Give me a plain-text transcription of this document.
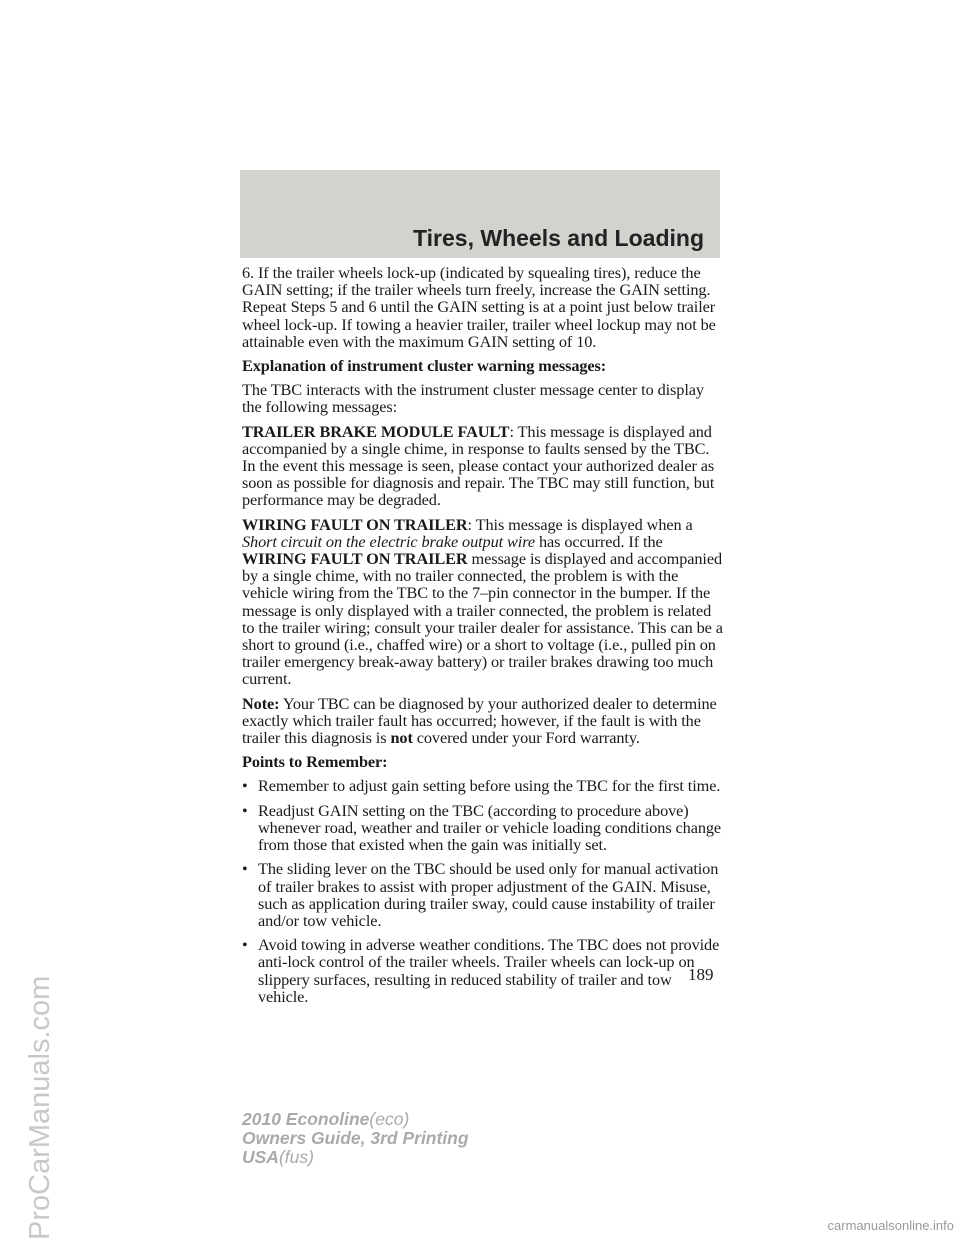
Tires, Wheels and Loading

6. If the trailer wheels lock-up (indicated by squealing tires), reduce the GAIN setting; if the trailer wheels turn freely, increase the GAIN setting. Repeat Steps 5 and 6 until the GAIN setting is at a point just below trailer wheel lock-up. If towing a heavier trailer, trailer wheel lockup may not be attainable even with the maximum GAIN setting of 10.

Explanation of instrument cluster warning messages:

The TBC interacts with the instrument cluster message center to display the following messages:

TRAILER BRAKE MODULE FAULT: This message is displayed and accompanied by a single chime, in response to faults sensed by the TBC. In the event this message is seen, please contact your authorized dealer as soon as possible for diagnosis and repair. The TBC may still function, but performance may be degraded.

WIRING FAULT ON TRAILER: This message is displayed when a Short circuit on the electric brake output wire has occurred. If the WIRING FAULT ON TRAILER message is displayed and accompanied by a single chime, with no trailer connected, the problem is with the vehicle wiring from the TBC to the 7–pin connector in the bumper. If the message is only displayed with a trailer connected, the problem is related to the trailer wiring; consult your trailer dealer for assistance. This can be a short to ground (i.e., chaffed wire) or a short to voltage (i.e., pulled pin on trailer emergency break-away battery) or trailer brakes drawing too much current.

Note: Your TBC can be diagnosed by your authorized dealer to determine exactly which trailer fault has occurred; however, if the fault is with the trailer this diagnosis is not covered under your Ford warranty.

Points to Remember:

• Remember to adjust gain setting before using the TBC for the first time.
• Readjust GAIN setting on the TBC (according to procedure above) whenever road, weather and trailer or vehicle loading conditions change from those that existed when the gain was initially set.
• The sliding lever on the TBC should be used only for manual activation of trailer brakes to assist with proper adjustment of the GAIN. Misuse, such as application during trailer sway, could cause instability of trailer and/or tow vehicle.
• Avoid towing in adverse weather conditions. The TBC does not provide anti-lock control of the trailer wheels. Trailer wheels can lock-up on slippery surfaces, resulting in reduced stability of trailer and tow vehicle.
189
ProCarManuals.com	2010 Econoline(eco)
Owners Guide, 3rd Printing
USA(fus)
carmanualsonline.info
